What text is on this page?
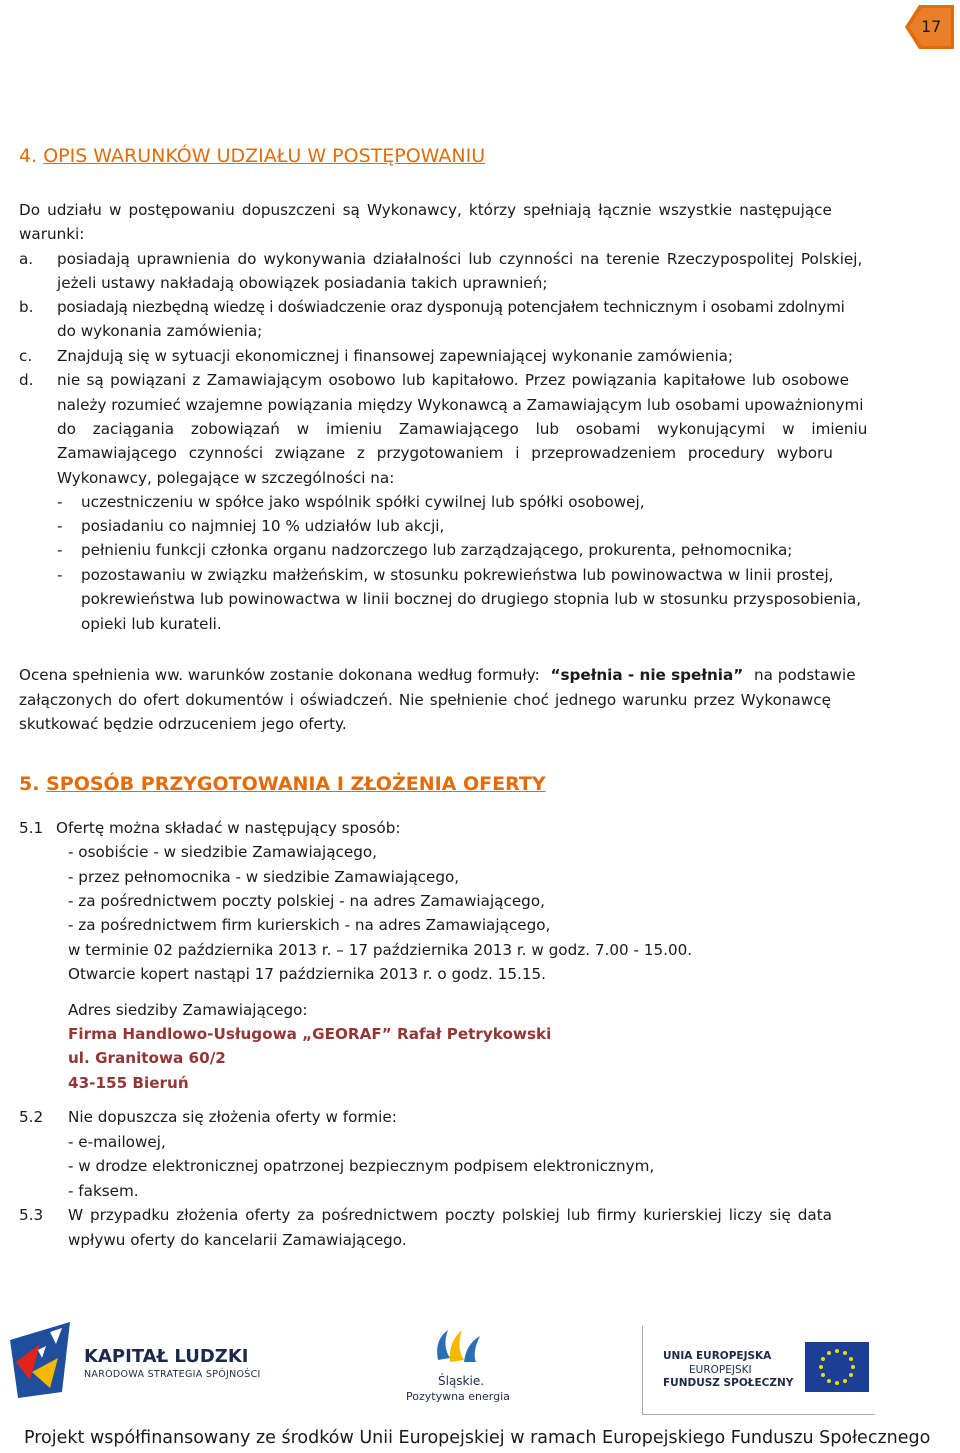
17
4. OPIS WARUNKÓW UDZIAŁU W POSTĘPOWANIU
Do udziału w postępowaniu dopuszczeni są Wykonawcy, którzy spełniają łącznie wszystkie następujące
warunki:
a. posiadają uprawnienia do wykonywania działalności lub czynności na terenie Rzeczypospolitej Polskiej,
jeżeli ustawy nakładają obowiązek posiadania takich uprawnień;
b. posiadają niezbędną wiedzę i doświadczenie oraz dysponują potencjałem technicznym i osobami zdolnymi
do wykonania zamówienia;
c. Znajdują się w sytuacji ekonomicznej i finansowej zapewniającej wykonanie zamówienia;
d. nie są powiązani z Zamawiającym osobowo lub kapitałowo. Przez powiązania kapitałowe lub osobowe
należy rozumieć wzajemne powiązania między Wykonawcą a Zamawiającym lub osobami upoważnionymi
do zaciągania zobowiązań w imieniu Zamawiającego lub osobami wykonującymi w imieniu
Zamawiającego czynności związane z przygotowaniem i przeprowadzeniem procedury wyboru
Wykonawcy, polegające w szczególności na:
- uczestniczeniu w spółce jako wspólnik spółki cywilnej lub spółki osobowej,
- posiadaniu co najmniej 10 % udziałów lub akcji,
- pełnieniu funkcji członka organu nadzorczego lub zarządzającego, prokurenta, pełnomocnika;
- pozostawaniu w związku małżeńskim, w stosunku pokrewieństwa lub powinowactwa w linii prostej,
pokrewieństwa lub powinowactwa w linii bocznej do drugiego stopnia lub w stosunku przysposobienia,
opieki lub kurateli.
Ocena spełnienia ww. warunków zostanie dokonana według formuły: “spełnia - nie spełnia” na podstawie
załączonych do ofert dokumentów i oświadczeń. Nie spełnienie choć jednego warunku przez Wykonawcę
skutkować będzie odrzuceniem jego oferty.
5. SPOSÓB PRZYGOTOWANIA I ZŁOŻENIA OFERTY
5.1 Ofertę można składać w następujący sposób:
- osobiście - w siedzibie Zamawiającego,
- przez pełnomocnika - w siedzibie Zamawiającego,
- za pośrednictwem poczty polskiej - na adres Zamawiającego,
- za pośrednictwem firm kurierskich - na adres Zamawiającego,
w terminie 02 października 2013 r. – 17 października 2013 r. w godz. 7.00 - 15.00.
Otwarcie kopert nastąpi 17 października 2013 r. o godz. 15.15.
Adres siedziby Zamawiającego:
Firma Handlowo-Usługowa „GEORAF” Rafał Petrykowski
ul. Granitowa 60/2
43-155 Bieruń
5.2 Nie dopuszcza się złożenia oferty w formie:
- e-mailowej,
- w drodze elektronicznej opatrzonej bezpiecznym podpisem elektronicznym,
- faksem.
5.3 W przypadku złożenia oferty za pośrednictwem poczty polskiej lub firmy kurierskiej liczy się data
wpływu oferty do kancelarii Zamawiającego.
KAPITAŁ LUDZKI
NARODOWA STRATEGIA SPÓJNOŚCI	Śląskie.
Pozytywna energia
UNIA EUROPEJSKA
EUROPEJSKI
FUNDUSZ SPOŁECZNY
Projekt współfinansowany ze środków Unii Europejskiej w ramach Europejskiego Funduszu Społecznego
